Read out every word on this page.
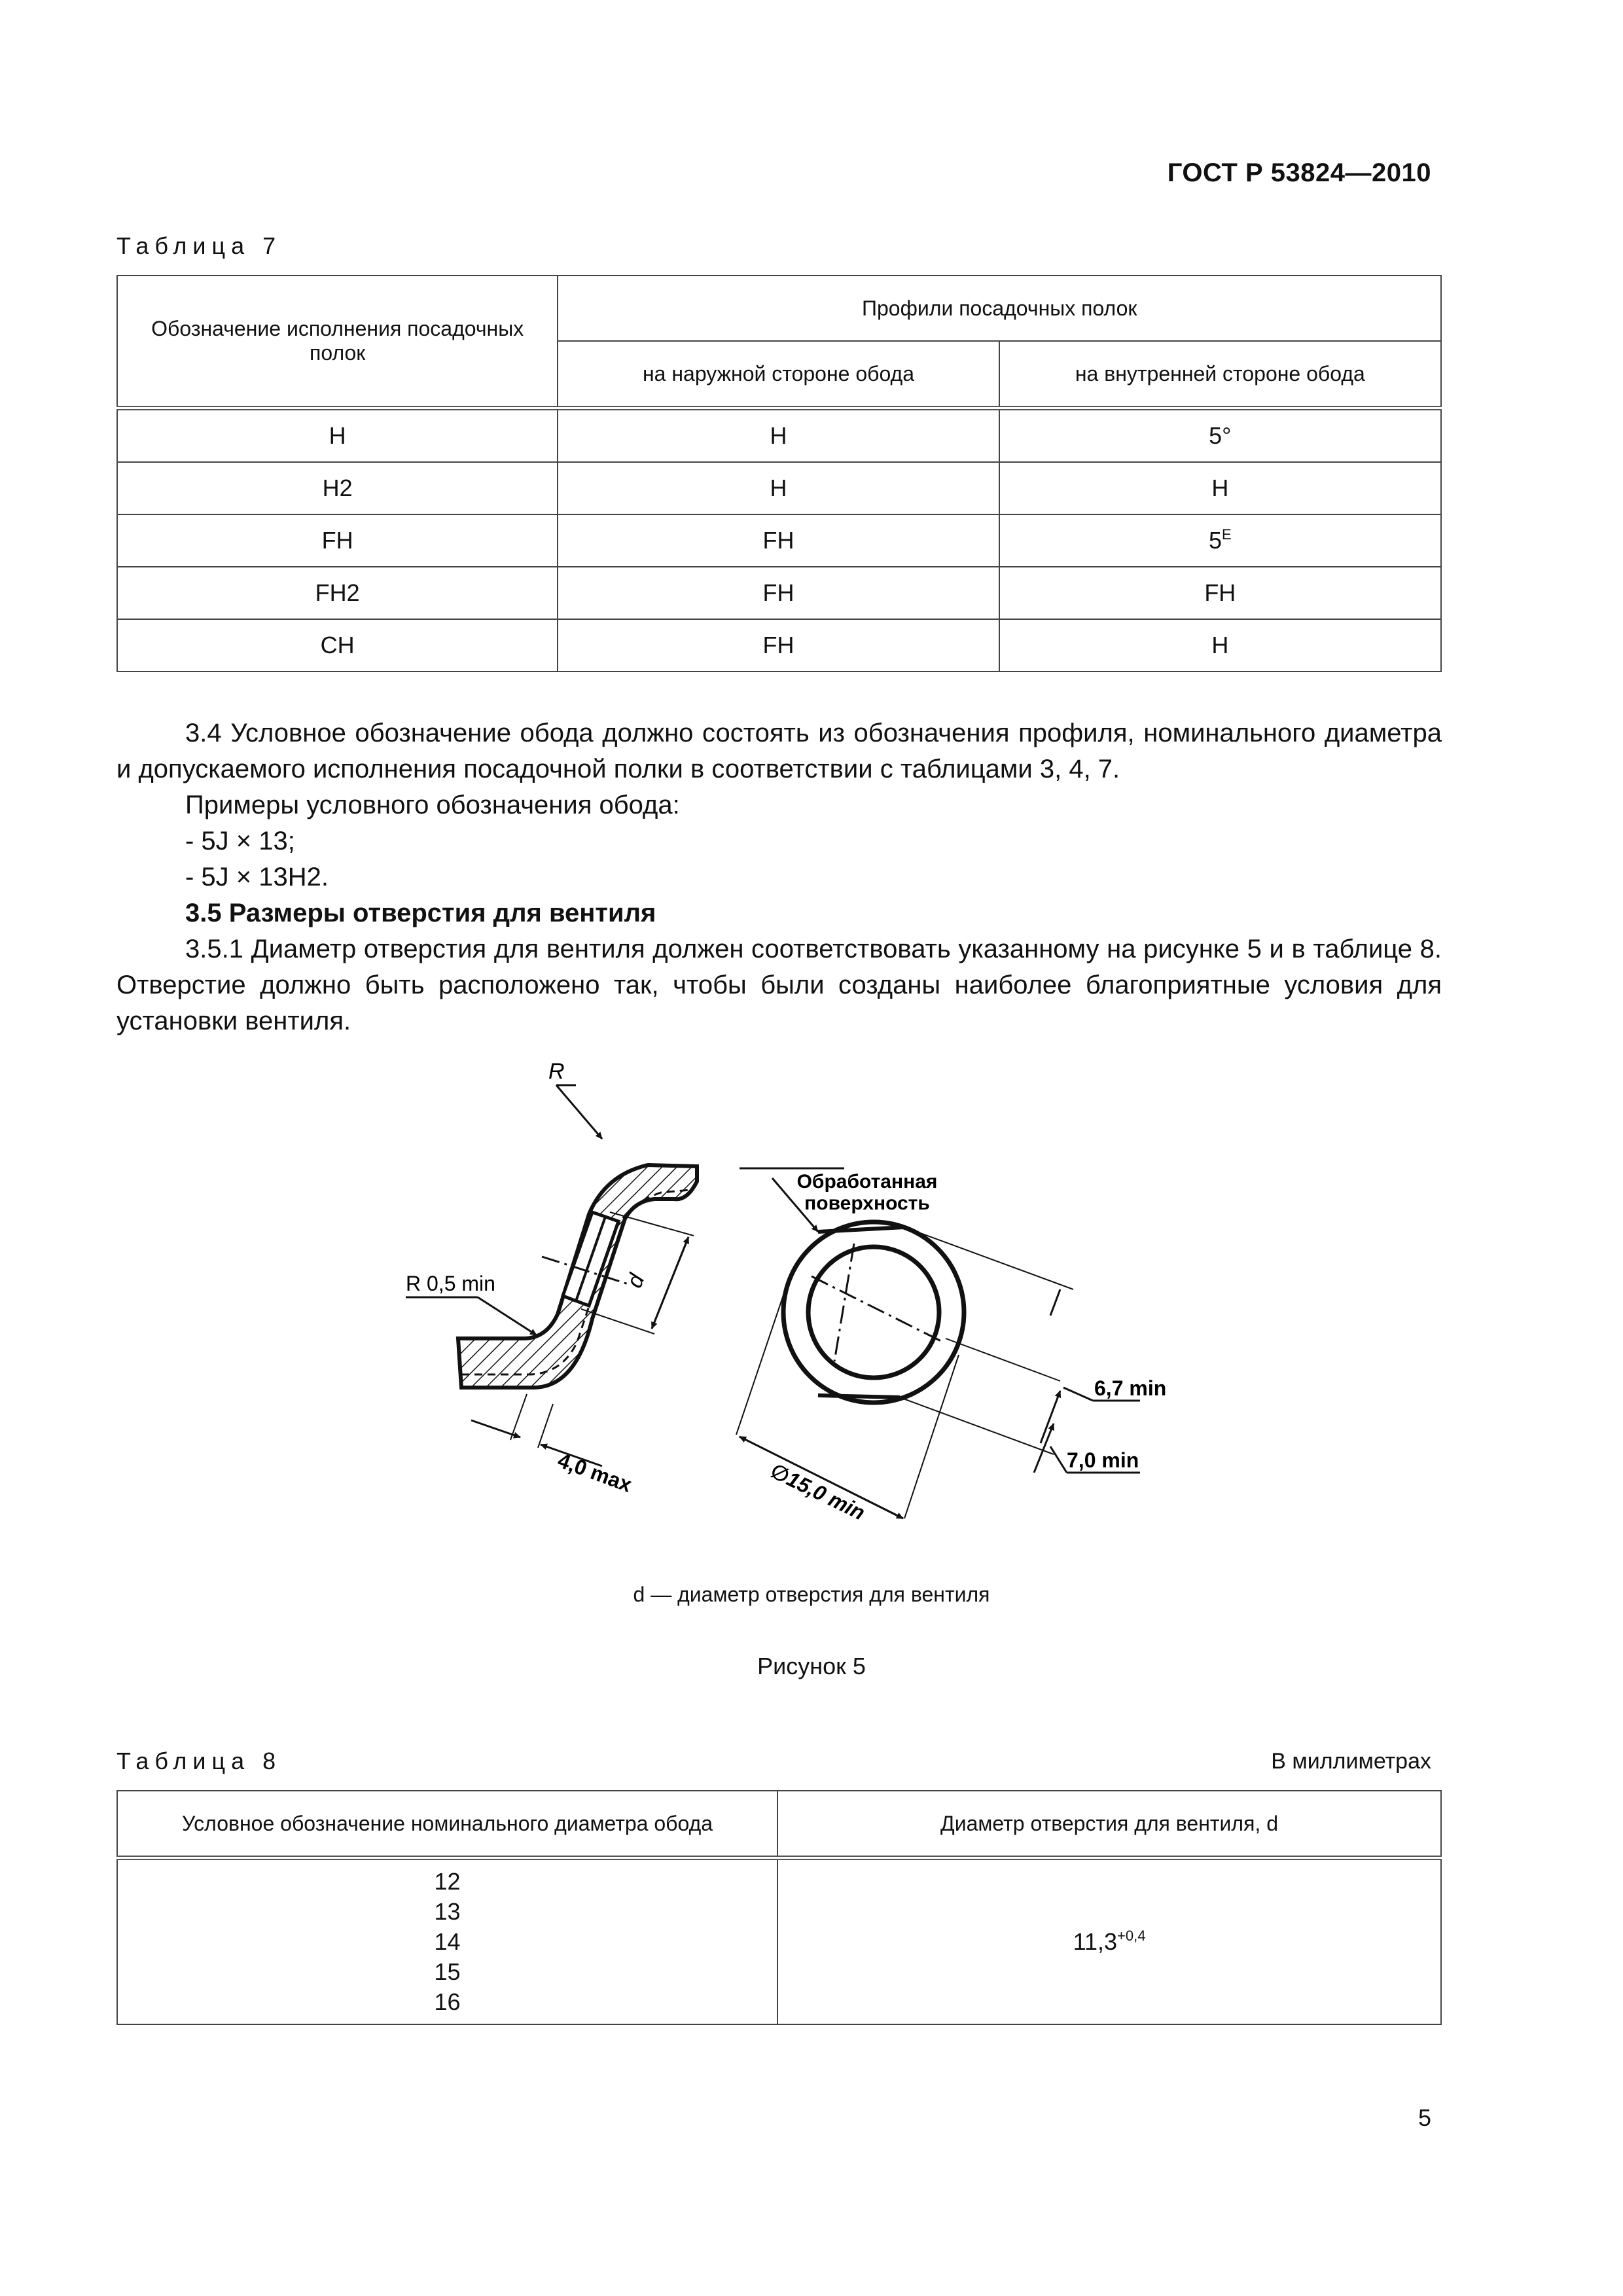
ГОСТ Р 53824—2010
Таблица 7
Обозначение исполнения посадочных полок	Профили посадочных полок	
	на наружной стороне обода	на внутренней стороне обода
H	H	5°
H2	H	H
FH	FH	$5^E$
FH2	FH	FH
CH	FH	H
3.4 Условное обозначение обода должно состоять из обозначения профиля, номинального диаметра и допускаемого исполнения посадочной полки в соответствии с таблицами 3, 4, 7.
Примеры условного обозначения обода:
- 5J × 13;
- 5J × 13H2.
3.5 Размеры отверстия для вентиля
3.5.1 Диаметр отверстия для вентиля должен соответствовать указанному на рисунке 5 и в таблице 8. Отверстие должно быть расположено так, чтобы были созданы наиболее благоприятные условия для установки вентиля.
R
R 0,5 min	d
4,0 max
Обработанная
поверхность
6,7 min
7,0 min
∅15,0 min
d — диаметр отверстия для вентиля
Рисунок 5
Таблица 8	В миллиметрах
Условное обозначение номинального диаметра обода	Диаметр отверстия для вентиля, d

12
13
14
15
16	$11,3^{+0,4}$
5
